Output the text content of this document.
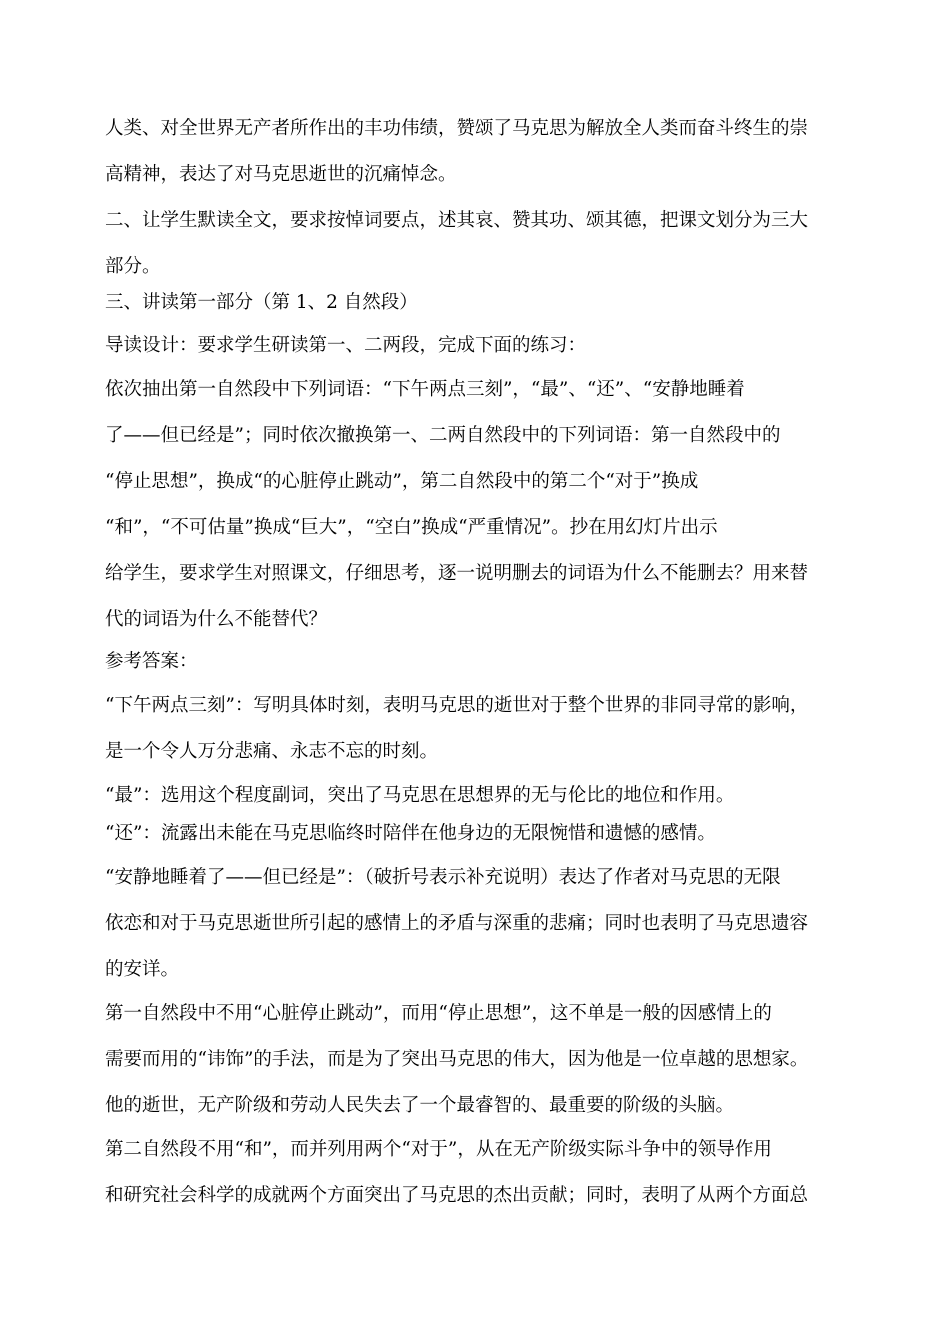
人类、对全世界无产者所作出的丰功伟绩，赞颂了马克思为解放全人类而奋斗终生的崇
高精神，表达了对马克思逝世的沉痛悼念。
二、让学生默读全文，要求按悼词要点，述其哀、赞其功、颂其德，把课文划分为三大
部分。
三、讲读第一部分（第 1、2 自然段）
导读设计：要求学生研读第一、二两段，完成下面的练习：
依次抽出第一自然段中下列词语：“下午两点三刻”，“最”、“还”、“安静地睡着
了——但已经是”；同时依次撤换第一、二两自然段中的下列词语：第一自然段中的
“停止思想”，换成“的心脏停止跳动”，第二自然段中的第二个“对于”换成
“和”，“不可估量”换成“巨大”，“空白”换成“严重情况”。抄在用幻灯片出示
给学生，要求学生对照课文，仔细思考，逐一说明删去的词语为什么不能删去？用来替
代的词语为什么不能替代？
参考答案：
“下午两点三刻”：写明具体时刻，表明马克思的逝世对于整个世界的非同寻常的影响，
是一个令人万分悲痛、永志不忘的时刻。
“最”：选用这个程度副词，突出了马克思在思想界的无与伦比的地位和作用。
“还”：流露出未能在马克思临终时陪伴在他身边的无限惋惜和遗憾的感情。
“安静地睡着了——但已经是”：（破折号表示补充说明）表达了作者对马克思的无限
依恋和对于马克思逝世所引起的感情上的矛盾与深重的悲痛；同时也表明了马克思遗容
的安详。
第一自然段中不用“心脏停止跳动”，而用“停止思想”，这不单是一般的因感情上的
需要而用的“讳饰”的手法，而是为了突出马克思的伟大，因为他是一位卓越的思想家。
他的逝世，无产阶级和劳动人民失去了一个最睿智的、最重要的阶级的头脑。
第二自然段不用“和”，而并列用两个“对于”，从在无产阶级实际斗争中的领导作用
和研究社会科学的成就两个方面突出了马克思的杰出贡献；同时，表明了从两个方面总
